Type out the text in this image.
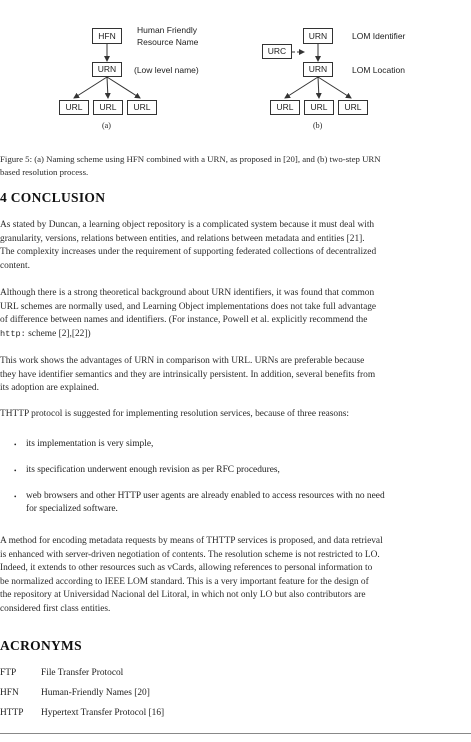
HFN
URN
URL	URL	URL
Human Friendly
Resource Name
(Low level name)
(a)
URN
URC
URN
URL	URL	URL
LOM Identifier
LOM Location
(b)
Figure 5: (a) Naming scheme using HFN combined with a URN, as proposed in [20], and (b) two-step URN
based resolution process.
4 CONCLUSION
As stated by Duncan, a learning object repository is a complicated system because it must deal with
granularity, versions, relations between entities, and relations between metadata and entities [21].
The complexity increases under the requirement of supporting federated collections of decentralized
content.
Although there is a strong theoretical background about URN identifiers, it was found that common
URL schemes are normally used, and Learning Object implementations does not take full advantage
of difference between names and identifiers. (For instance, Powell et al. explicitly recommend the
http: scheme [2],[22])
This work shows the advantages of URN in comparison with URL. URNs are preferable because
they have identifier semantics and they are intrinsically persistent. In addition, several benefits from
its adoption are explained.
THTTP protocol is suggested for implementing resolution services, because of three reasons:
• its implementation is very simple,
• its specification underwent enough revision as per RFC procedures,
• web browsers and other HTTP user agents are already enabled to access resources with no need
for specialized software.
A method for encoding metadata requests by means of THTTP services is proposed, and data retrieval
is enhanced with server-driven negotiation of contents. The resolution scheme is not restricted to LO.
Indeed, it extends to other resources such as vCards, allowing references to personal information to
be normalized according to IEEE LOM standard. This is a very important feature for the design of
the repository at Universidad Nacional del Litoral, in which not only LO but also contributors are
considered first class entities.
ACRONYMS
FTP	File Transfer Protocol
HFN Human-Friendly Names [20]
HTTP Hypertext Transfer Protocol [16]
